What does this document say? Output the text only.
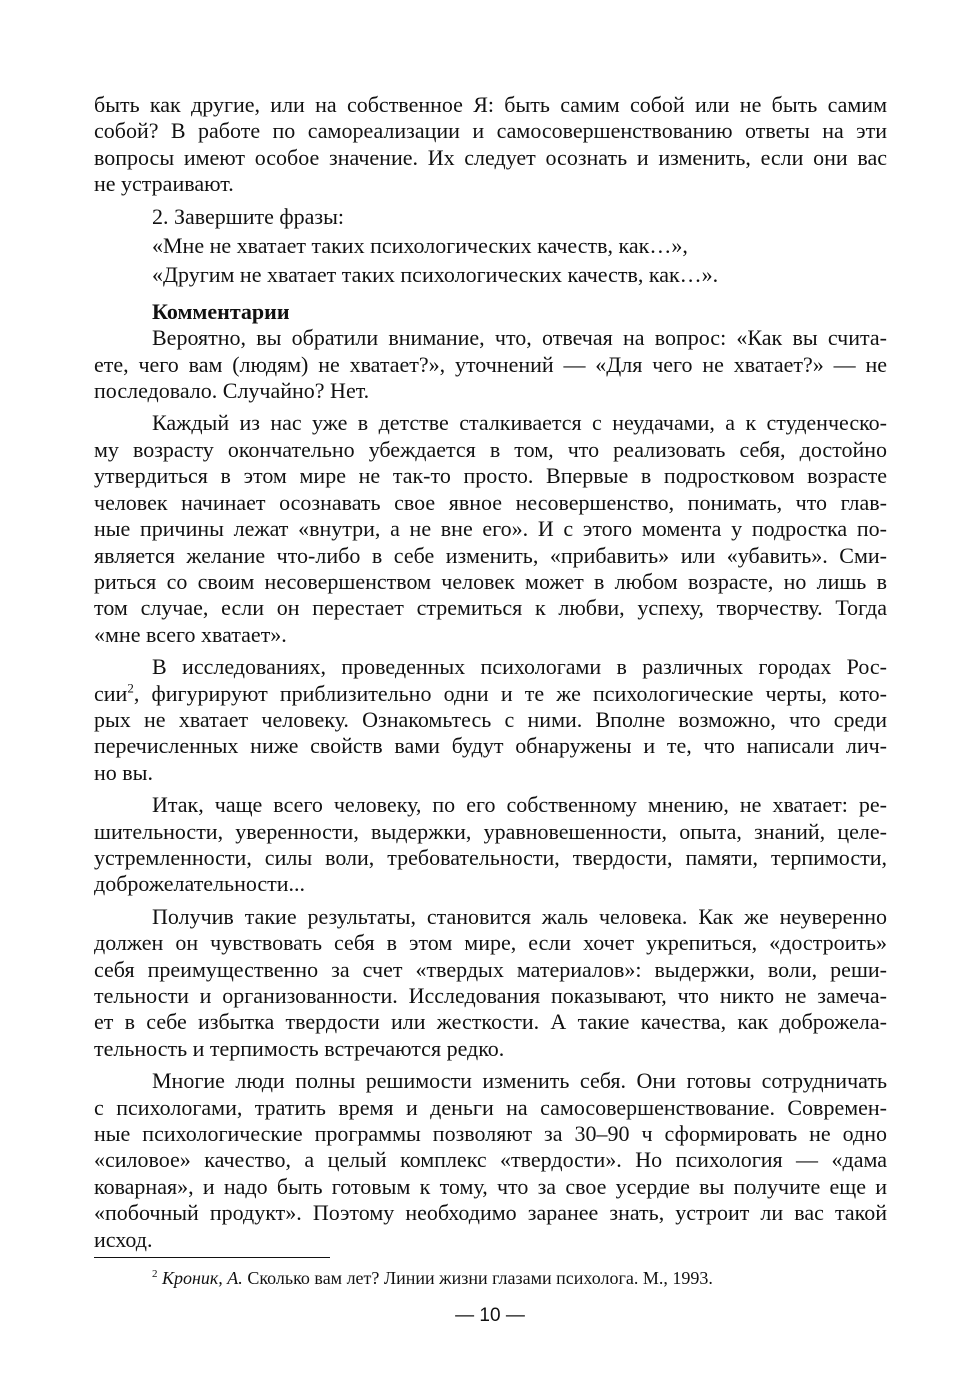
быть как другие, или на собственное Я: быть самим собой или не быть самим

собой? В работе по самореализации и самосовершенствованию ответы на эти

вопросы имеют особое значение. Их следует осознать и изменить, если они вас

не устраивают.

2. Завершите фразы:

«Мне не хватает таких психологических качеств, как…»,

«Другим не хватает таких психологических качеств, как…».

Комментарии

Вероятно, вы обратили внимание, что, отвечая на вопрос: «Как вы счита-

ете, чего вам (людям) не хватает?», уточнений — «Для чего не хватает?» — не

последовало. Случайно? Нет.

Каждый из нас уже в детстве сталкивается с неудачами, а к студенческо-

му возрасту окончательно убеждается в том, что реализовать себя, достойно

утвердиться в этом мире не так-то просто. Впервые в подростковом возрасте

человек начинает осознавать свое явное несовершенство, понимать, что глав-

ные причины лежат «внутри, а не вне его». И с этого момента у подростка по-

является желание что-либо в себе изменить, «прибавить» или «убавить». Сми-

риться со своим несовершенством человек может в любом возрасте, но лишь в

том случае, если он перестает стремиться к любви, успеху, творчеству. Тогда

«мне всего хватает».

В исследованиях, проведенных психологами в различных городах Рос-

сии$^2$, фигурируют приблизительно одни и те же психологические черты, кото-

рых не хватает человеку. Ознакомьтесь с ними. Вполне возможно, что среди

перечисленных ниже свойств вами будут обнаружены и те, что написали лич-

но вы.

Итак, чаще всего человеку, по его собственному мнению, не хватает: ре-

шительности, уверенности, выдержки, уравновешенности, опыта, знаний, целе-

устремленности, силы воли, требовательности, твердости, памяти, терпимости,

доброжелательности...

Получив такие результаты, становится жаль человека. Как же неуверенно

должен он чувствовать себя в этом мире, если хочет укрепиться, «достроить»

себя преимущественно за счет «твердых материалов»: выдержки, воли, реши-

тельности и организованности. Исследования показывают, что никто не замеча-

ет в себе избытка твердости или жесткости. А такие качества, как доброжела-

тельность и терпимость встречаются редко.

Многие люди полны решимости изменить себя. Они готовы сотрудничать

с психологами, тратить время и деньги на самосовершенствование. Современ-

ные психологические программы позволяют за 30–90 ч сформировать не одно

«силовое» качество, а целый комплекс «твердости». Но психология — «дама

коварная», и надо быть готовым к тому, что за свое усердие вы получите еще и

«побочный продукт». Поэтому необходимо заранее знать, устроит ли вас такой

исход.

$^2$ Кроник, А. Сколько вам лет? Линии жизни глазами психолога. М., 1993.
— 10 —
